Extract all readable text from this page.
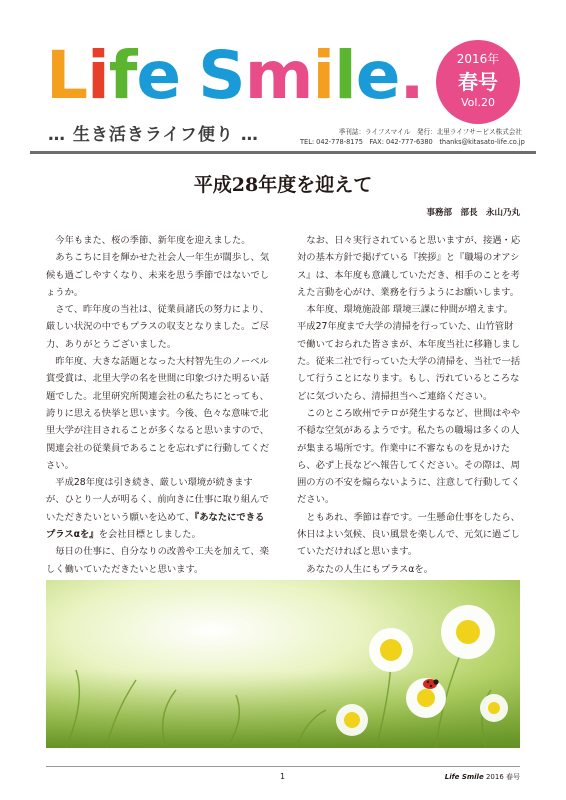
Life Smile.
… 生き活きライフ便り …
2016年
春号
Vol.20
季刊誌：ライフスマイル　発行：北里ライフサービス株式会社
TEL: 042-778-8175　FAX: 042-777-6380　thanks@kitasato-life.co.jp
平成28年度を迎えて
事務部　部長　永山乃丸

今年もまた、桜の季節、新年度を迎えました。

あちこちに目を輝かせた社会人一年生が闊歩し、気候も過ごしやすくなり、未来を思う季節ではないでしょうか。

さて、昨年度の当社は、従業員諸氏の努力により、厳しい状況の中でもプラスの収支となりました。ご尽力、ありがとうございました。

昨年度、大きな話題となった大村智先生のノーベル賞受賞は、北里大学の名を世間に印象づけた明るい話題でした。北里研究所関連会社の私たちにとっても、誇りに思える快挙と思います。今後、色々な意味で北里大学が注目されることが多くなると思いますので、関連会社の従業員であることを忘れずに行動してください。

平成28年度は引き続き、厳しい環境が続きますが、ひとり一人が明るく、前向きに仕事に取り組んでいただきたいという願いを込めて、『あなたにできるプラスαを』を会社目標としました。

毎日の仕事に、自分なりの改善や工夫を加えて、楽しく働いていただきたいと思います。

なお、日々実行されていると思いますが、接遇・応対の基本方針で掲げている『挨拶』と『職場のオアシス』は、本年度も意識していただき、相手のことを考えた言動を心がけ、業務を行うようにお願いします。

本年度、環境施設部 環境三課に仲間が増えます。平成27年度まで大学の清掃を行っていた、山竹管財で働いておられた皆さまが、本年度当社に移籍しました。従来二社で行っていた大学の清掃を、当社で一括して行うことになります。もし、汚れているところなどに気づいたら、清掃担当へご連絡ください。

このところ欧州でテロが発生するなど、世間はやや不穏な空気があるようです。私たちの職場は多くの人が集まる場所です。作業中に不審なものを見かけたら、必ず上長などへ報告してください。その際は、周囲の方の不安を煽らないように、注意して行動してください。

ともあれ、季節は春です。一生懸命仕事をしたら、休日はよい気候、良い風景を楽しんで、元気に過ごしていただければと思います。

あなたの人生にもプラスαを。

1	Life Smile 2016 春号
